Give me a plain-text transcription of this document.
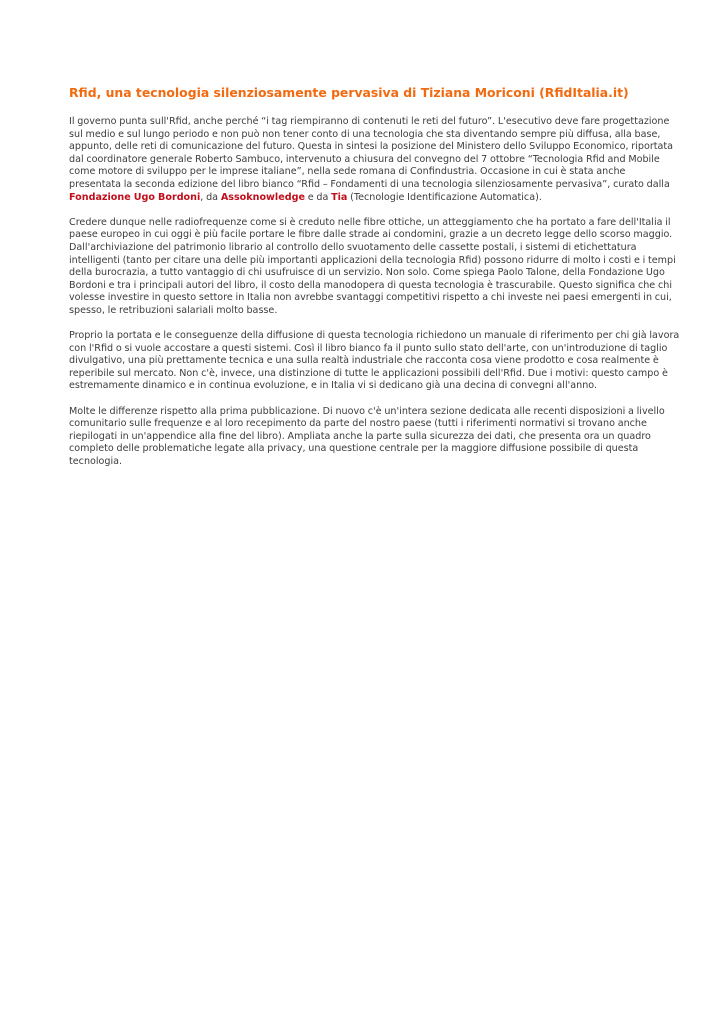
Rfid, una tecnologia silenziosamente pervasiva di Tiziana Moriconi (RfidItalia.it)

Il governo punta sull'Rfid, anche perché “i tag riempiranno di contenuti le reti del futuro”. L'esecutivo deve fare progettazione
sul medio e sul lungo periodo e non può non tener conto di una tecnologia che sta diventando sempre più diffusa, alla base,
appunto, delle reti di comunicazione del futuro. Questa in sintesi la posizione del Ministero dello Sviluppo Economico, riportata
dal coordinatore generale Roberto Sambuco, intervenuto a chiusura del convegno del 7 ottobre “Tecnologia Rfid and Mobile
come motore di sviluppo per le imprese italiane”, nella sede romana di Confindustria. Occasione in cui è stata anche
presentata la seconda edizione del libro bianco “Rfid – Fondamenti di una tecnologia silenziosamente pervasiva”, curato dalla
Fondazione Ugo Bordoni, da Assoknowledge e da Tia (Tecnologie Identificazione Automatica).

Credere dunque nelle radiofrequenze come si è creduto nelle fibre ottiche, un atteggiamento che ha portato a fare dell'Italia il
paese europeo in cui oggi è più facile portare le fibre dalle strade ai condomini, grazie a un decreto legge dello scorso maggio.
Dall'archiviazione del patrimonio librario al controllo dello svuotamento delle cassette postali, i sistemi di etichettatura
intelligenti (tanto per citare una delle più importanti applicazioni della tecnologia Rfid) possono ridurre di molto i costi e i tempi
della burocrazia, a tutto vantaggio di chi usufruisce di un servizio. Non solo. Come spiega Paolo Talone, della Fondazione Ugo
Bordoni e tra i principali autori del libro, il costo della manodopera di questa tecnologia è trascurabile. Questo significa che chi
volesse investire in questo settore in Italia non avrebbe svantaggi competitivi rispetto a chi investe nei paesi emergenti in cui,
spesso, le retribuzioni salariali molto basse.

Proprio la portata e le conseguenze della diffusione di questa tecnologia richiedono un manuale di riferimento per chi già lavora
con l'Rfid o si vuole accostare a questi sistemi. Così il libro bianco fa il punto sullo stato dell'arte, con un'introduzione di taglio
divulgativo, una più prettamente tecnica e una sulla realtà industriale che racconta cosa viene prodotto e cosa realmente è
reperibile sul mercato. Non c'è, invece, una distinzione di tutte le applicazioni possibili dell'Rfid. Due i motivi: questo campo è
estremamente dinamico e in continua evoluzione, e in Italia vi si dedicano già una decina di convegni all'anno.

Molte le differenze rispetto alla prima pubblicazione. Di nuovo c'è un'intera sezione dedicata alle recenti disposizioni a livello
comunitario sulle frequenze e al loro recepimento da parte del nostro paese (tutti i riferimenti normativi si trovano anche
riepilogati in un'appendice alla fine del libro). Ampliata anche la parte sulla sicurezza dei dati, che presenta ora un quadro
completo delle problematiche legate alla privacy, una questione centrale per la maggiore diffusione possibile di questa
tecnologia.
